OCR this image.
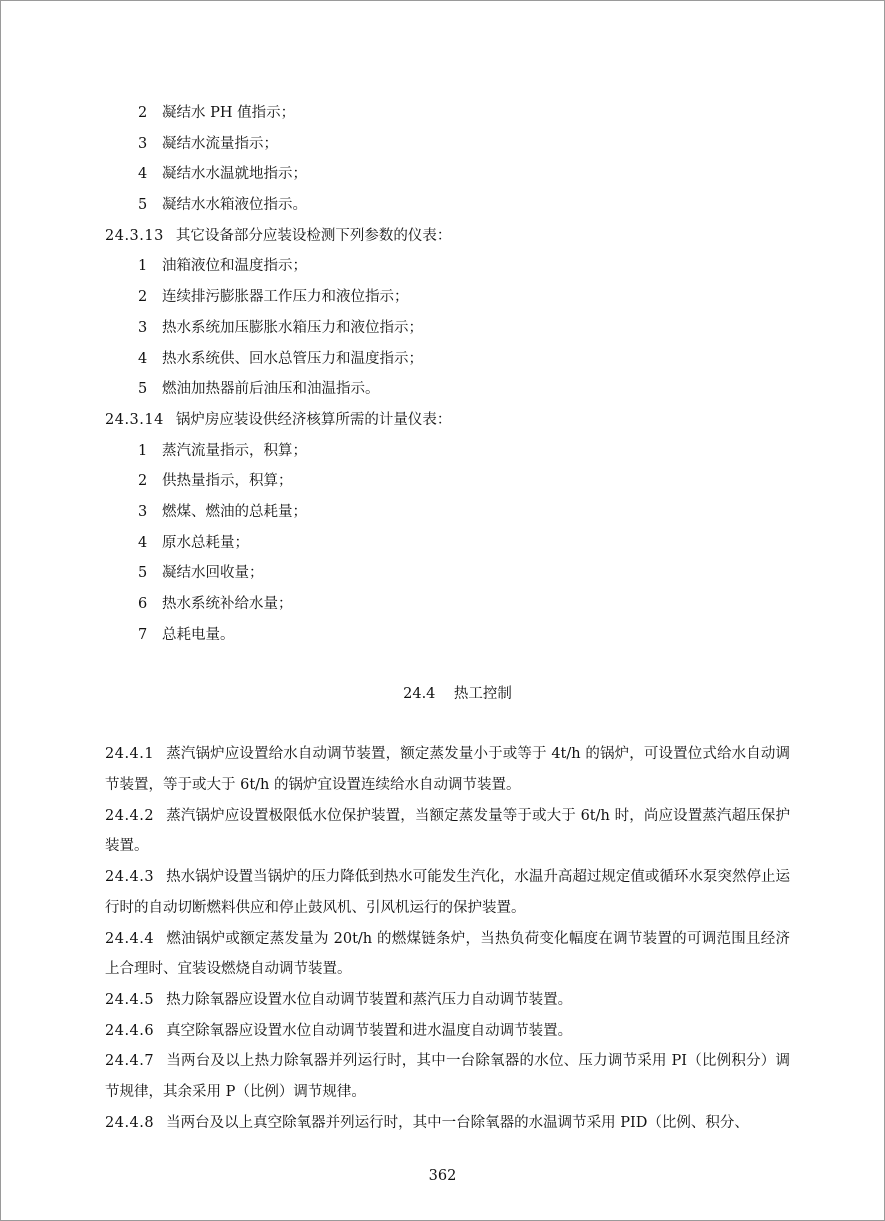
2 凝结水 PH 值指示；
3 凝结水流量指示；
4 凝结水水温就地指示；
5 凝结水水箱液位指示。
24.3.13 其它设备部分应装设检测下列参数的仪表：
1 油箱液位和温度指示；
2 连续排污膨胀器工作压力和液位指示；
3 热水系统加压膨胀水箱压力和液位指示；
4 热水系统供、回水总管压力和温度指示；
5 燃油加热器前后油压和油温指示。
24.3.14 锅炉房应装设供经济核算所需的计量仪表：
1 蒸汽流量指示，积算；
2 供热量指示，积算；
3 燃煤、燃油的总耗量；
4 原水总耗量；
5 凝结水回收量；
6 热水系统补给水量；
7 总耗电量。
24.4 热工控制
24.4.1 蒸汽锅炉应设置给水自动调节装置，额定蒸发量小于或等于 4t/h 的锅炉，可设置位式给水自动调节装置，等于或大于 6t/h 的锅炉宜设置连续给水自动调节装置。
24.4.2 蒸汽锅炉应设置极限低水位保护装置，当额定蒸发量等于或大于 6t/h 时，尚应设置蒸汽超压保护装置。
24.4.3 热水锅炉设置当锅炉的压力降低到热水可能发生汽化，水温升高超过规定值或循环水泵突然停止运行时的自动切断燃料供应和停止鼓风机、引风机运行的保护装置。
24.4.4 燃油锅炉或额定蒸发量为 20t/h 的燃煤链条炉，当热负荷变化幅度在调节装置的可调范围且经济上合理时、宜装设燃烧自动调节装置。
24.4.5 热力除氧器应设置水位自动调节装置和蒸汽压力自动调节装置。
24.4.6 真空除氧器应设置水位自动调节装置和进水温度自动调节装置。
24.4.7 当两台及以上热力除氧器并列运行时，其中一台除氧器的水位、压力调节采用 PI（比例积分）调节规律，其余采用 P（比例）调节规律。
24.4.8 当两台及以上真空除氧器并列运行时，其中一台除氧器的水温调节采用 PID（比例、积分、
362
